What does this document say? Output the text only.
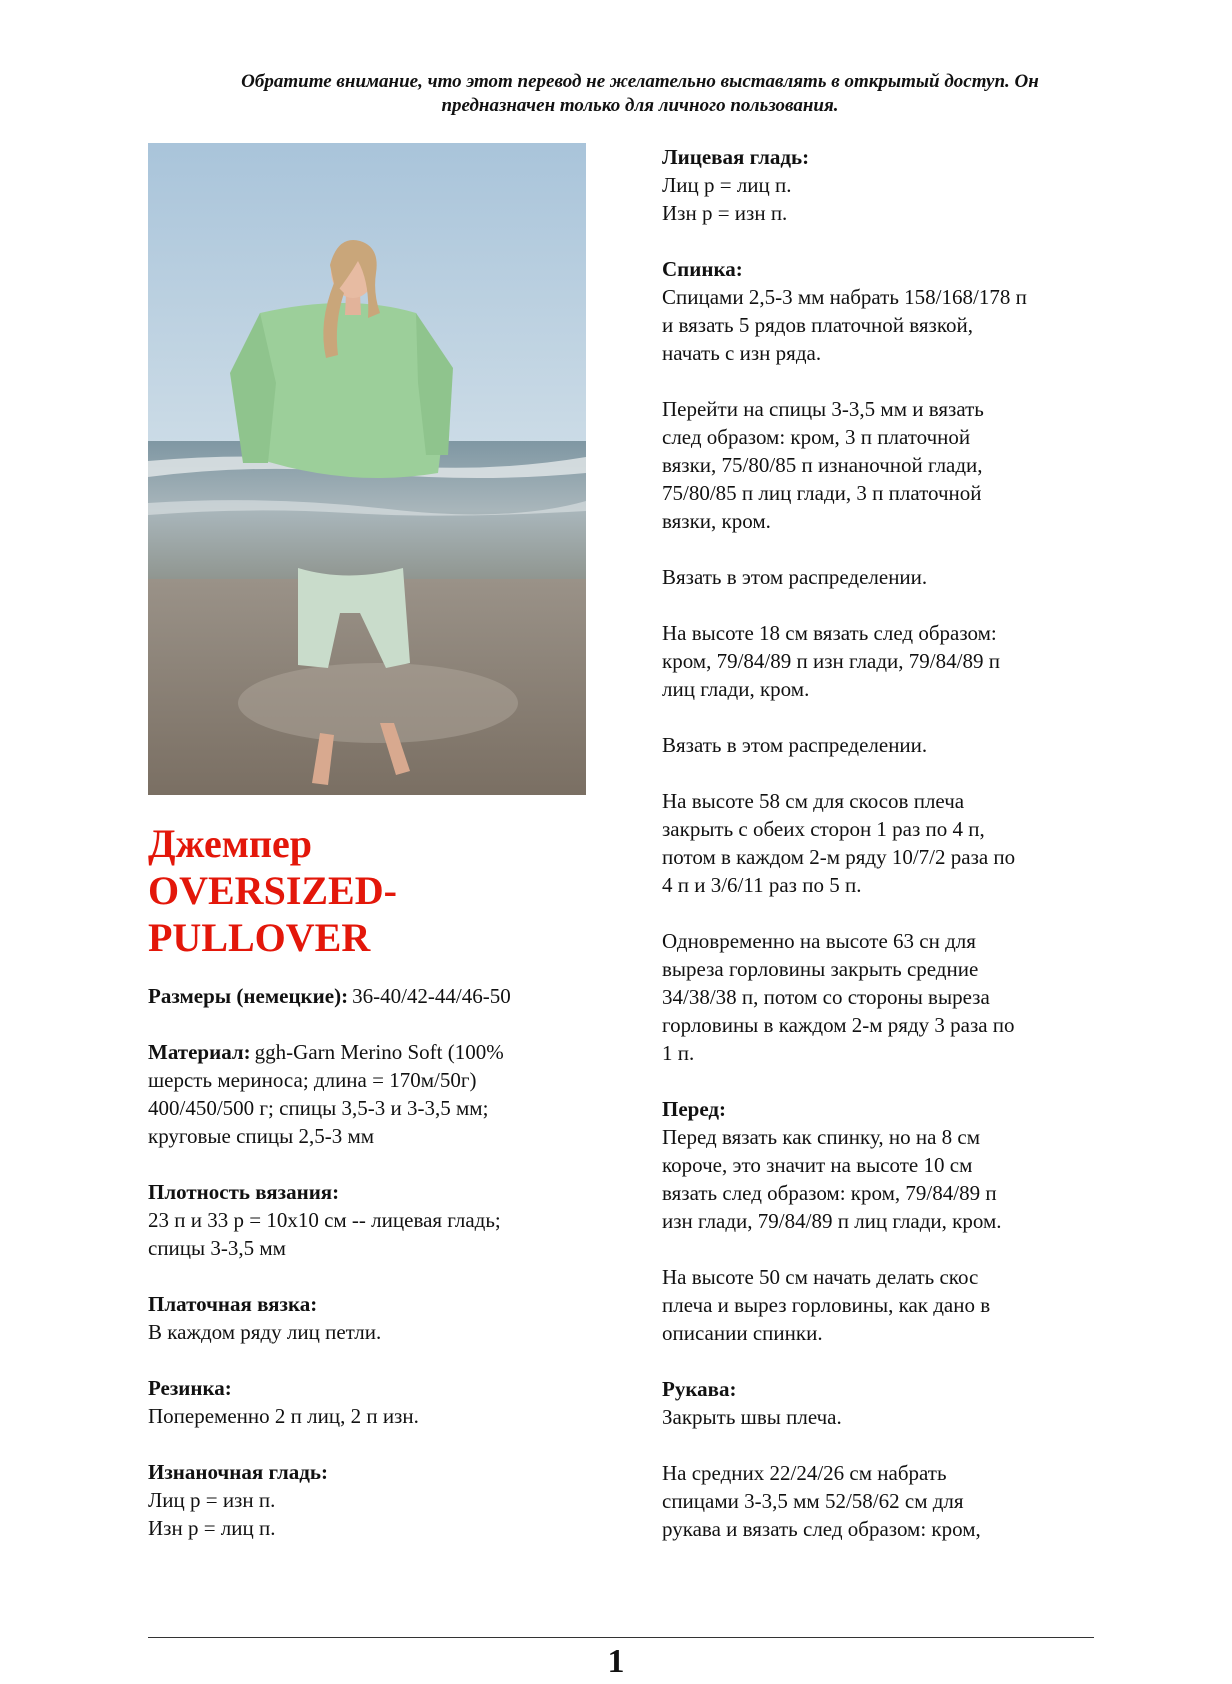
Обратите внимание, что этот перевод не желательно выставлять в открытый доступ. Он
предназначен только для личного пользования.
Джемпер
OVERSIZED-
PULLOVER

Размеры (немецкие): 36-40/42-44/46-50

Материал: ggh-Garn Merino Soft (100%

шерсть мериноса; длина = 170м/50г)

400/450/500 г; спицы 3,5-3 и 3-3,5 мм;

круговые спицы 2,5-3 мм

Плотность вязания:

23 п и 33 р = 10х10 см -- лицевая гладь;

спицы 3-3,5 мм

Платочная вязка:

В каждом ряду лиц петли.

Резинка:

Попеременно 2 п лиц, 2 п изн.

Изнаночная гладь:

Лиц р = изн п.

Изн р = лиц п.

Лицевая гладь:

Лиц р = лиц п.

Изн р = изн п.

Спинка:

Спицами 2,5-3 мм набрать 158/168/178 п

и вязать 5 рядов платочной вязкой,

начать с изн ряда.

Перейти на спицы 3-3,5 мм и вязать

след образом: кром, 3 п платочной

вязки, 75/80/85 п изнаночной глади,

75/80/85 п лиц глади, 3 п платочной

вязки, кром.

Вязать в этом распределении.

На высоте 18 см вязать след образом:

кром, 79/84/89 п изн глади, 79/84/89 п

лиц глади, кром.

Вязать в этом распределении.

На высоте 58 см для скосов плеча

закрыть с обеих сторон 1 раз по 4 п,

потом в каждом 2-м ряду 10/7/2 раза по

4 п и 3/6/11 раз по 5 п.

Одновременно на высоте 63 сн для

выреза горловины закрыть средние

34/38/38 п, потом со стороны выреза

горловины в каждом 2-м ряду 3 раза по

1 п.

Перед:

Перед вязать как спинку, но на 8 см

короче, это значит на высоте 10 см

вязать след образом: кром, 79/84/89 п

изн глади, 79/84/89 п лиц глади, кром.

На высоте 50 см начать делать скос

плеча и вырез горловины, как дано в

описании спинки.

Рукава:

Закрыть швы плеча.

На средних 22/24/26 см набрать

спицами 3-3,5 мм 52/58/62 см для

рукава и вязать след образом: кром,

1
